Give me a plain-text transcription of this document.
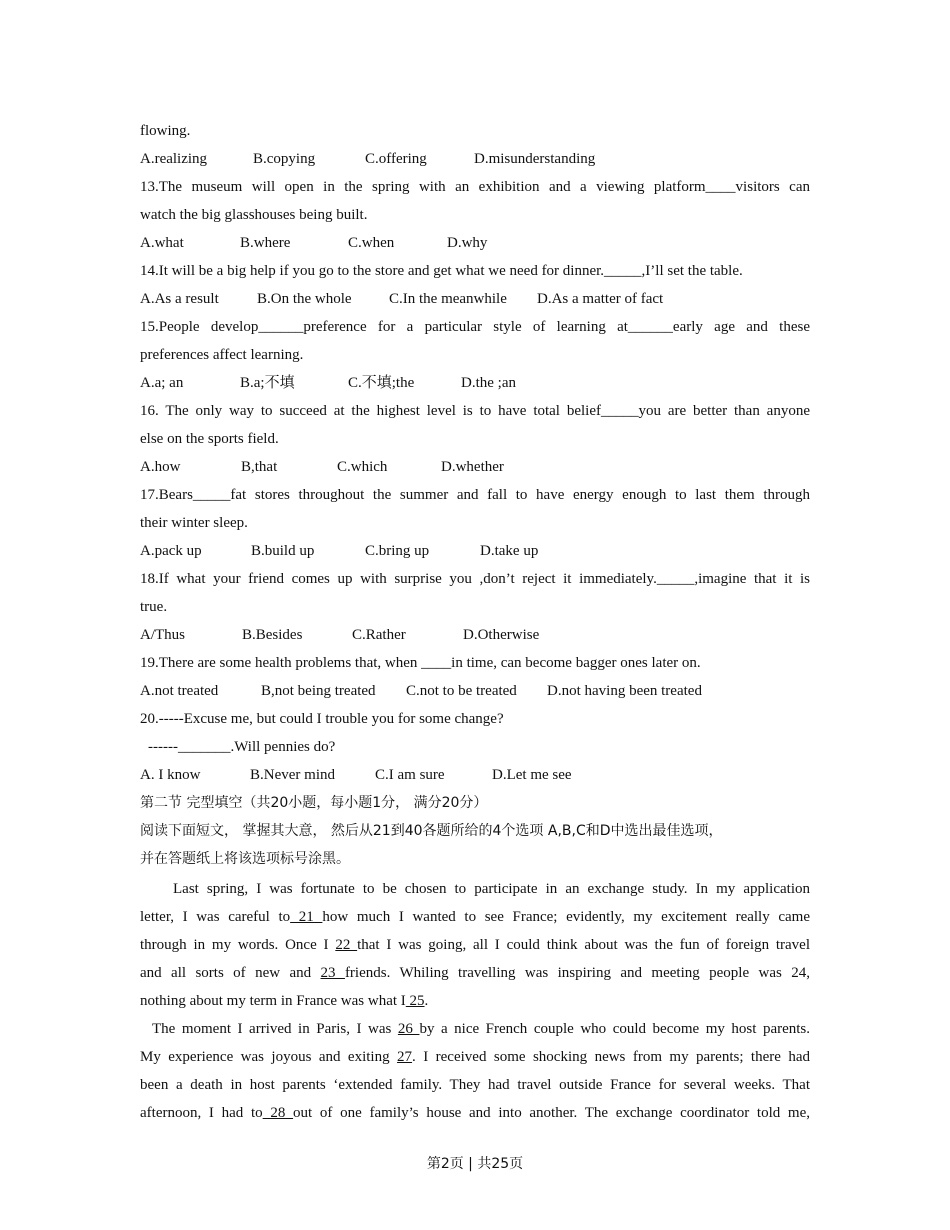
flowing.
A.realizing	B.copying	C.offering	D.misunderstanding
13.The museum will open in the spring with an exhibition and a viewing platform____visitors can
watch the big glasshouses being built.
A.what	B.where	C.when	D.why
14.It will be a big help if you go to the store and get what we need for dinner._____,I’ll set the table.
A.As a result	B.On the whole	C.In the meanwhile	D.As a matter of fact
15.People develop______preference for a particular style of learning at______early age and these
preferences affect learning.
A.a; an	B.a;不填	C.不填;the	D.the ;an
16. The only way to succeed at the highest level is to have total belief_____you are better than anyone
else on the sports field.
A.how	B,that	C.which	D.whether
17.Bears_____fat stores throughout the summer and fall to have energy enough to last them through
their winter sleep.
A.pack up	B.build up	C.bring up	D.take up
18.If what your friend comes up with surprise you ,don’t reject it immediately._____,imagine that it is
true.
A/Thus	B.Besides	C.Rather	D.Otherwise
19.There are some health problems that, when ____in time, can become bagger ones later on.
A.not treated	B,not being treated	C.not to be treated	D.not having been treated
20.-----Excuse me, but could I trouble you for some change?
------_______.Will pennies do?
A. I know	B.Never mind	C.I am sure	D.Let me see
第二节 完型填空（共20小题，每小题1分， 满分20分）
阅读下面短文， 掌握其大意， 然后从21到40各题所给的4个选项 A,B,C和D中选出最佳选项，
并在答题纸上将该选项标号涂黑。
Last spring, I was fortunate to be chosen to participate in an exchange study. In my application
letter, I was careful to 21 how much I wanted to see France; evidently, my excitement really came
through in my words. Once I 22 that I was going, all I could think about was the fun of foreign travel
and all sorts of new and 23 friends. Whiling travelling was inspiring and meeting people was 24,
nothing about my term in France was what I 25.
The moment I arrived in Paris, I was 26 by a nice French couple who could become my host parents.
My experience was joyous and exiting 27. I received some shocking news from my parents; there had
been a death in host parents ‘extended family. They had travel outside France for several weeks. That
afternoon, I had to 28 out of one family’s house and into another. The exchange coordinator told me,
第2页 | 共25页
